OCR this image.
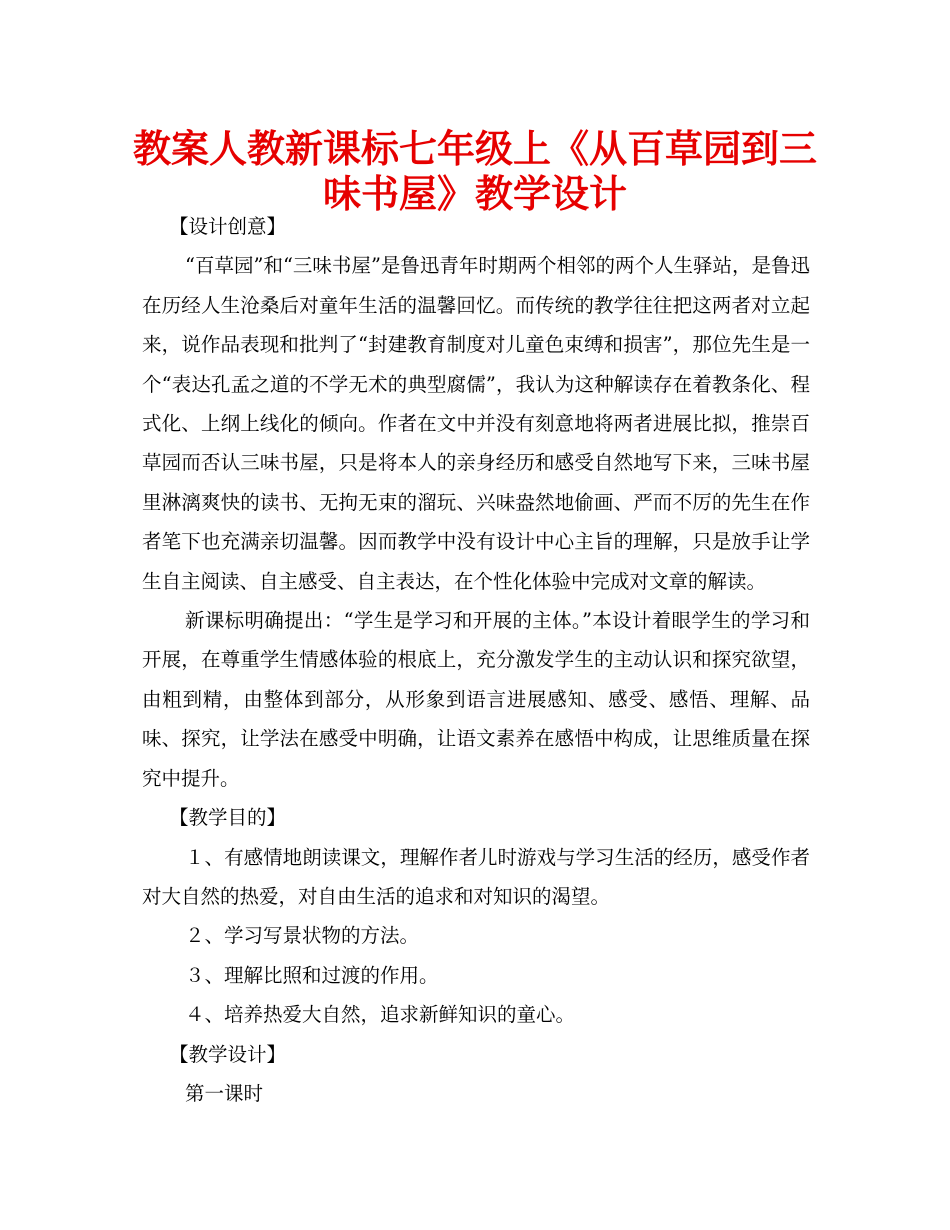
教案人教新课标七年级上《从百草园到三
味书屋》教学设计

【设计创意】

“百草园”和“三味书屋”是鲁迅青年时期两个相邻的两个人生驿站，是鲁迅在历经人生沧桑后对童年生活的温馨回忆。而传统的教学往往把这两者对立起来，说作品表现和批判了“封建教育制度对儿童色束缚和损害”，那位先生是一个“表达孔孟之道的不学无术的典型腐儒”，我认为这种解读存在着教条化、程式化、上纲上线化的倾向。作者在文中并没有刻意地将两者进展比拟，推崇百草园而否认三味书屋，只是将本人的亲身经历和感受自然地写下来，三味书屋里淋漓爽快的读书、无拘无束的溜玩、兴味盎然地偷画、严而不厉的先生在作者笔下也充满亲切温馨。因而教学中没有设计中心主旨的理解，只是放手让学生自主阅读、自主感受、自主表达，在个性化体验中完成对文章的解读。

新课标明确提出：“学生是学习和开展的主体。”本设计着眼学生的学习和开展，在尊重学生情感体验的根底上，充分激发学生的主动认识和探究欲望，由粗到精，由整体到部分，从形象到语言进展感知、感受、感悟、理解、品味、探究，让学法在感受中明确，让语文素养在感悟中构成，让思维质量在探究中提升。

【教学目的】

１、有感情地朗读课文，理解作者儿时游戏与学习生活的经历，感受作者对大自然的热爱，对自由生活的追求和对知识的渴望。

２、学习写景状物的方法。

３、理解比照和过渡的作用。

４、培养热爱大自然，追求新鲜知识的童心。

【教学设计】

第一课时
